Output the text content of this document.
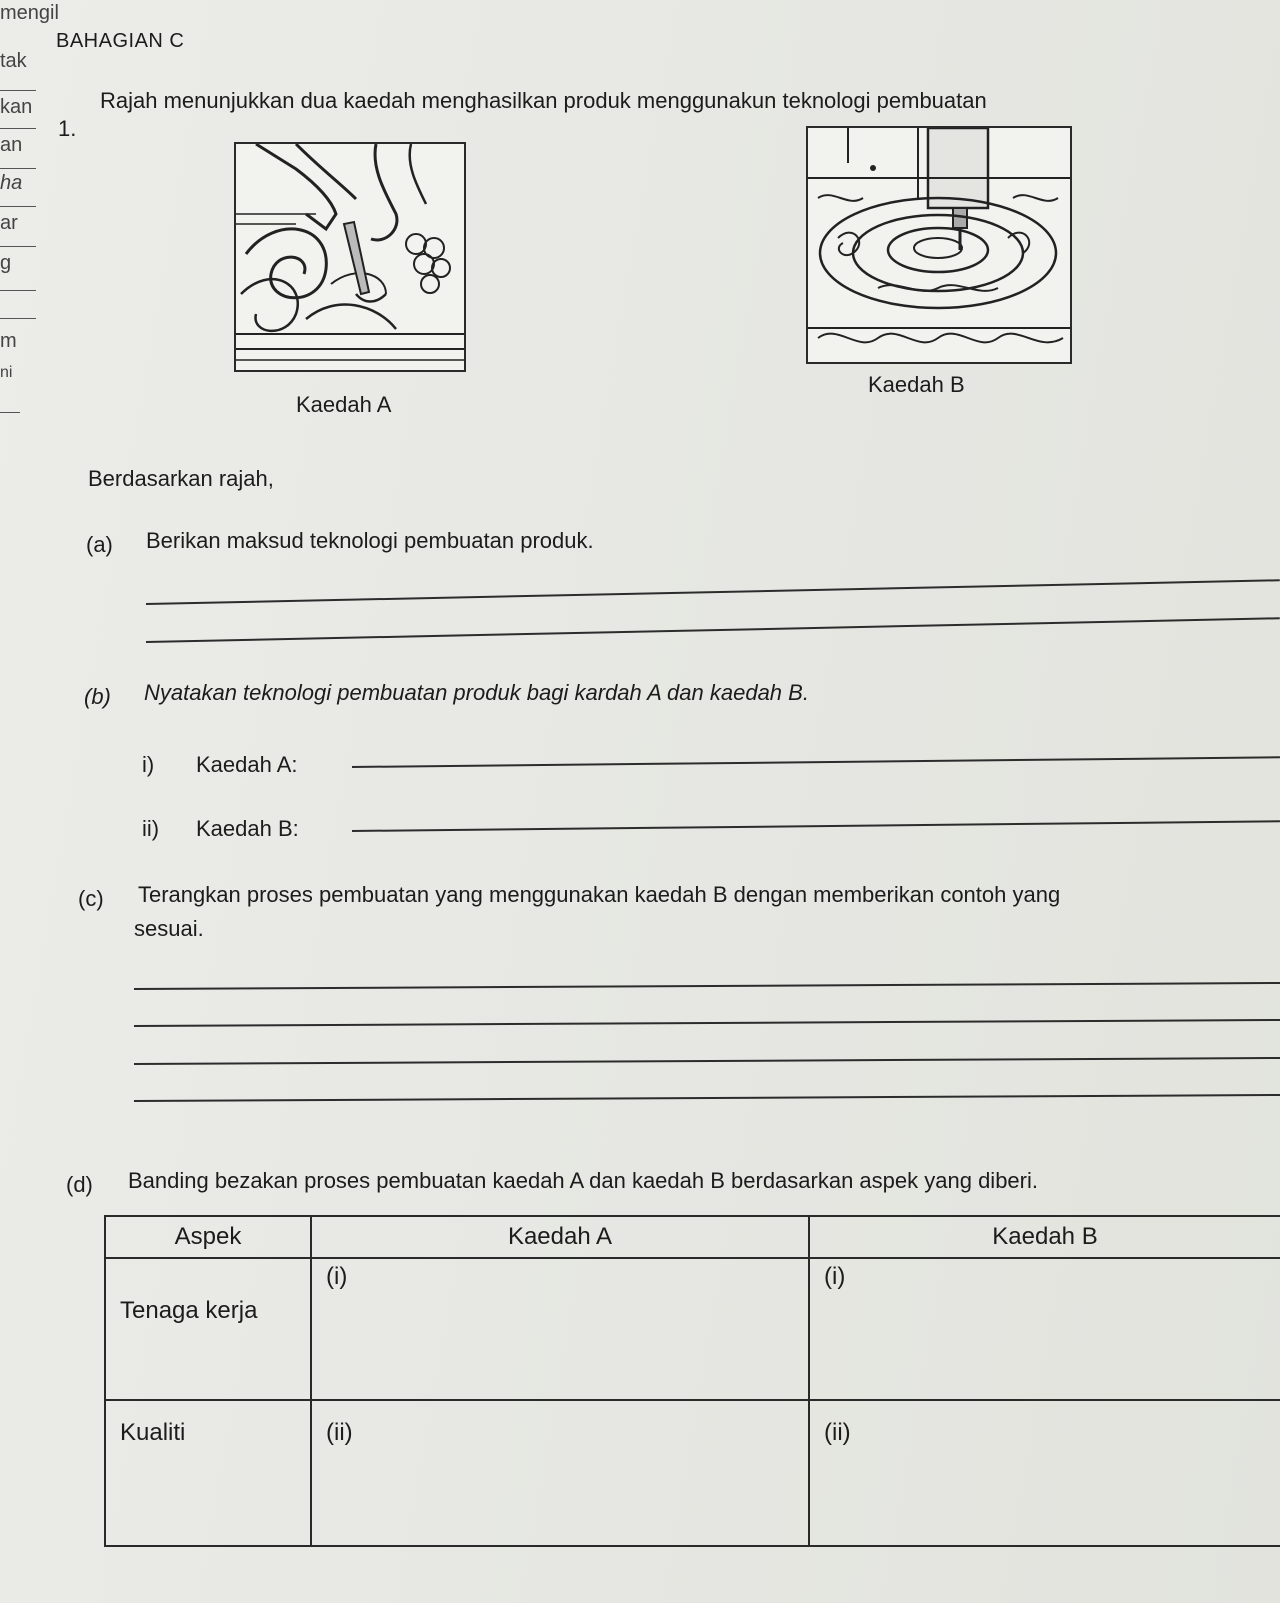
mengil
tak
kan
an
ha
ar
g
m
ni
BAHAGIAN C
1.
Rajah menunjukkan dua kaedah menghasilkan produk menggunakun teknologi pembuatan
Kaedah A
Kaedah B
Berdasarkan rajah,
(a) Berikan maksud teknologi pembuatan produk.
(b) Nyatakan teknologi pembuatan produk bagi kardah A dan kaedah B.
i) Kaedah A:
ii) Kaedah B:
(c) Terangkan proses pembuatan yang menggunakan kaedah B dengan memberikan contoh yang
sesuai.
(d) Banding bezakan proses pembuatan kaedah A dan kaedah B berdasarkan aspek yang diberi.
Aspek	Kaedah A	Kaedah B

Tenaga kerja	(i)	(i)

Kualiti	(ii)	(ii)
